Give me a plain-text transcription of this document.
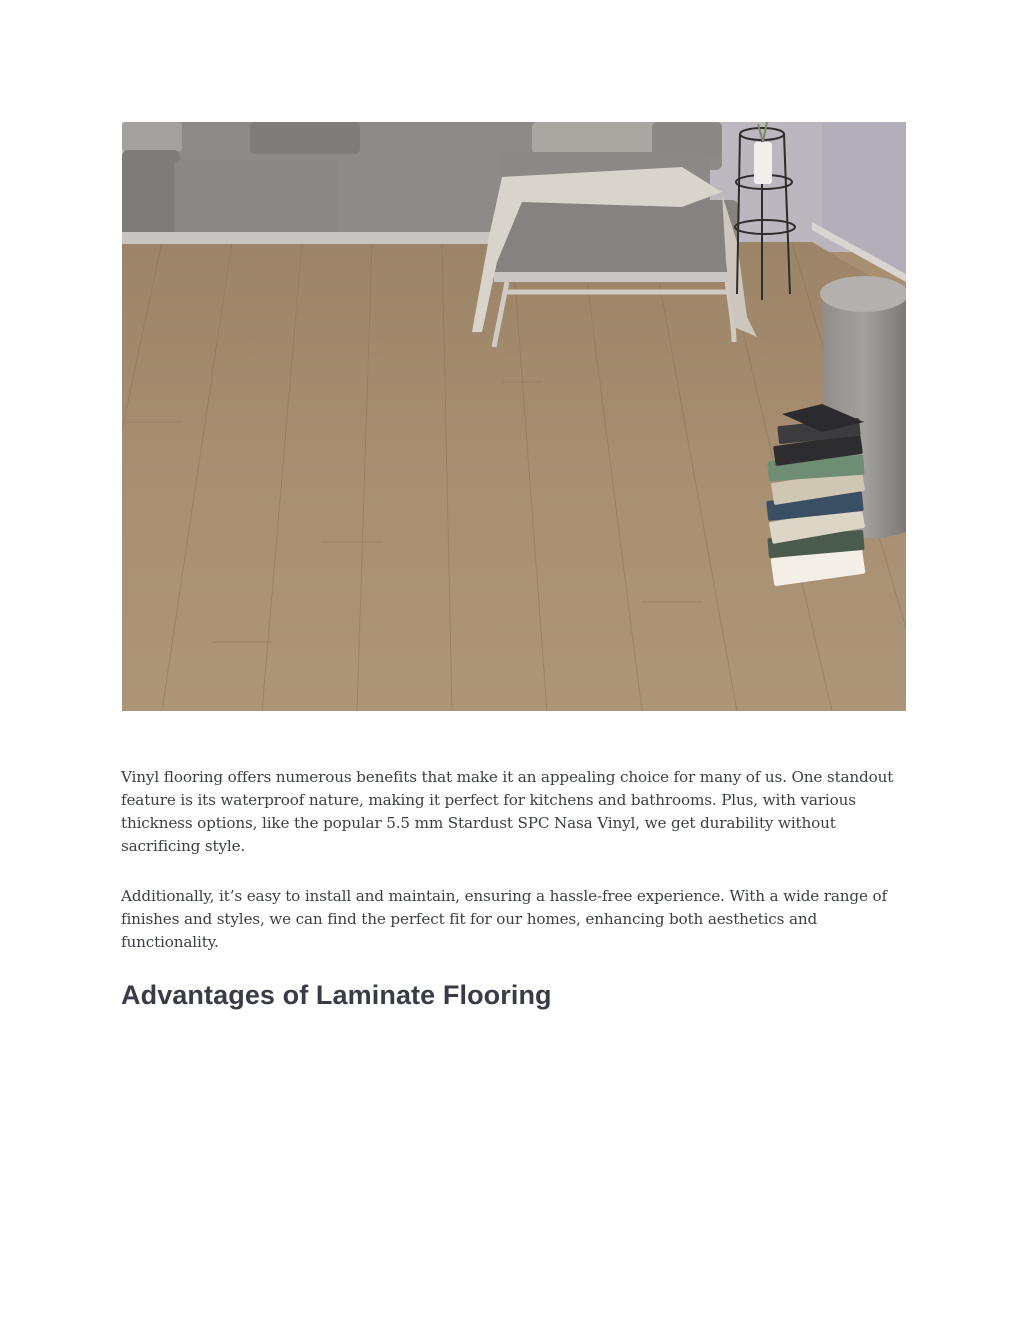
Vinyl flooring offers numerous benefits that make it an appealing choice for many of us. One standout feature is its waterproof nature, making it perfect for kitchens and bathrooms. Plus, with various thickness options, like the popular 5.5 mm Stardust SPC Nasa Vinyl, we get durability without sacrificing style.

Additionally, it’s easy to install and maintain, ensuring a hassle-free experience. With a wide range of finishes and styles, we can find the perfect fit for our homes, enhancing both aesthetics and functionality.

Advantages of Laminate Flooring
